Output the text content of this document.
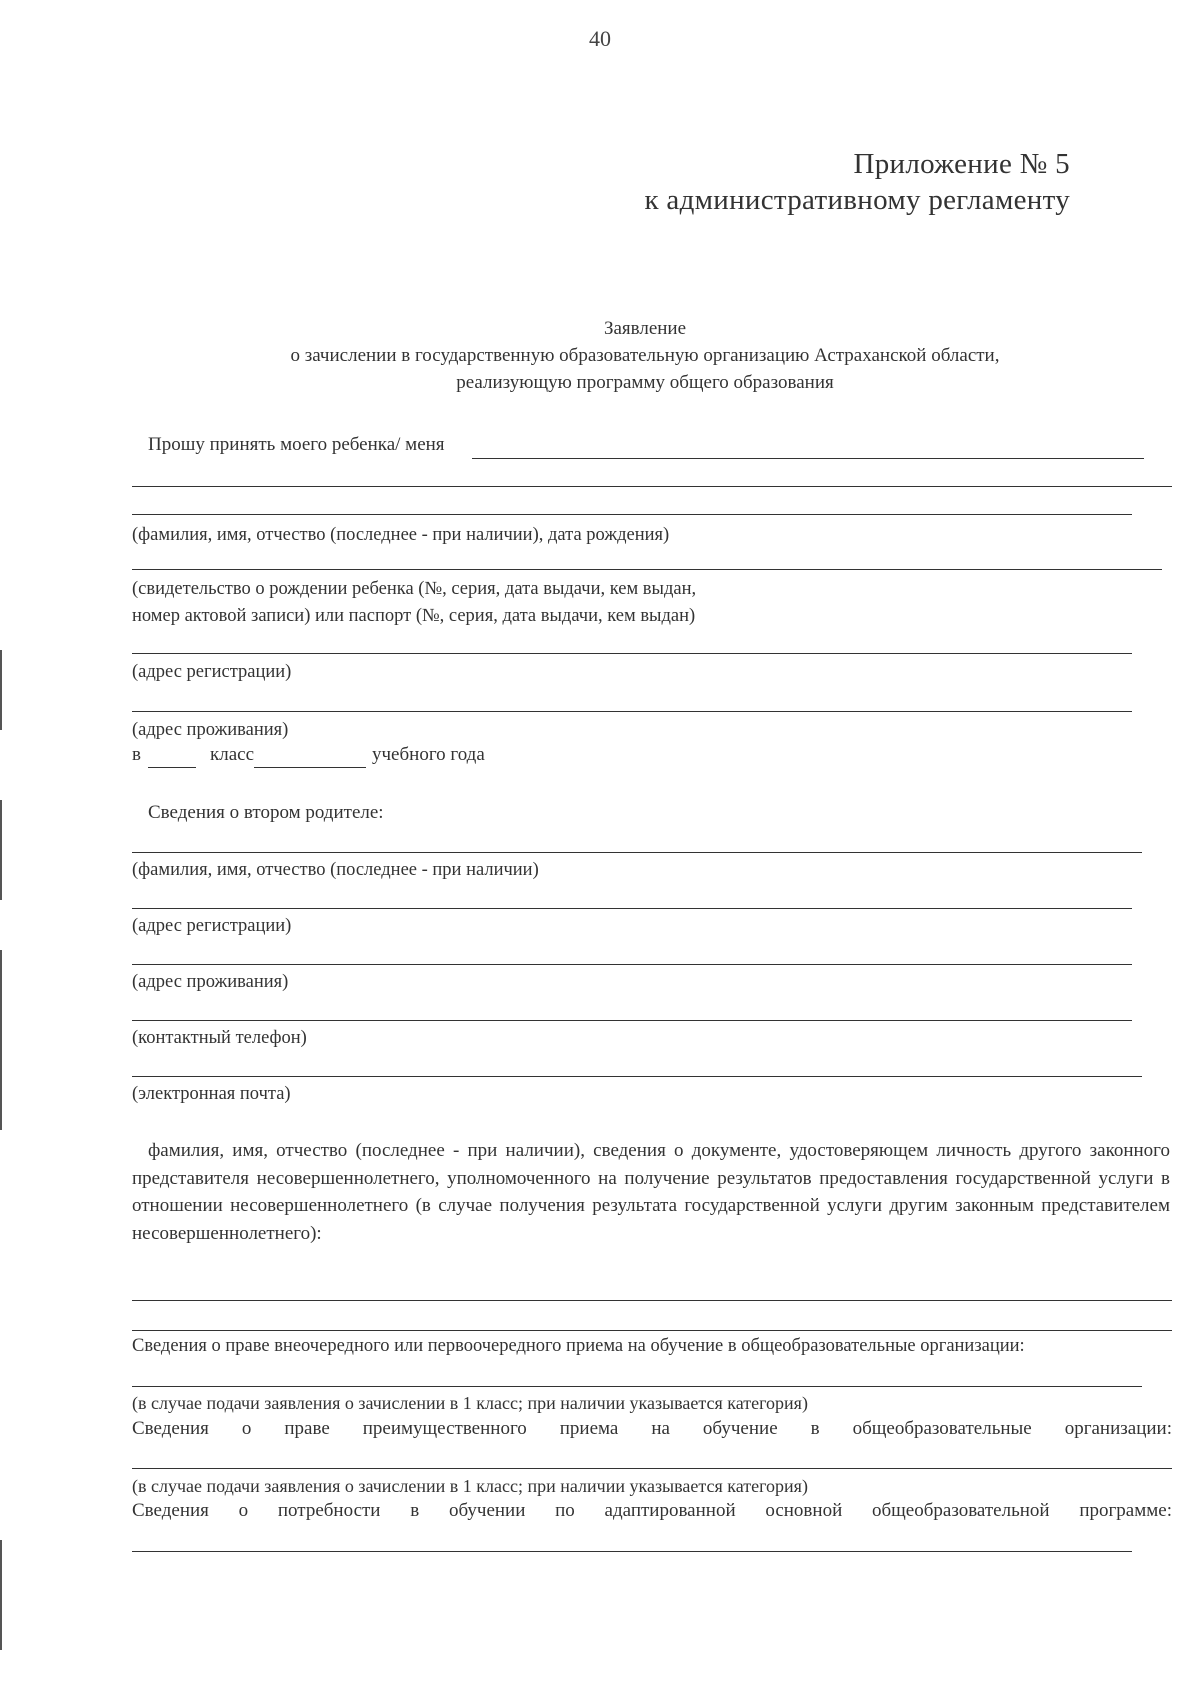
40
Приложение № 5
к административному регламенту
Заявление
о зачислении в государственную образовательную организацию Астраханской области,
реализующую программу общего образования
Прошу принять моего ребенка/ меня
(фамилия, имя, отчество (последнее - при наличии), дата рождения)
(свидетельство о рождении ребенка (№, серия, дата выдачи, кем выдан,
номер актовой записи) или паспорт (№, серия, дата выдачи, кем выдан)
(адрес регистрации)
(адрес проживания)
в	класс	учебного года
Сведения о втором родителе:
(фамилия, имя, отчество (последнее - при наличии)
(адрес регистрации)
(адрес проживания)
(контактный телефон)
(электронная почта)
фамилия, имя, отчество (последнее - при наличии), сведения о документе, удостоверяющем личность другого законного представителя несовершеннолетнего, уполномоченного на получение результатов предоставления государственной услуги в отношении несовершеннолетнего (в случае получения результата государственной услуги другим законным представителем несовершеннолетнего):
Сведения о праве внеочередного или первоочередного приема на обучение в общеобразовательные организации:
(в случае подачи заявления о зачислении в 1 класс; при наличии указывается категория)
Сведения о праве преимущественного приема на обучение в общеобразовательные организации:
(в случае подачи заявления о зачислении в 1 класс; при наличии указывается категория)
Сведения о потребности в обучении по адаптированной основной общеобразовательной программе:
